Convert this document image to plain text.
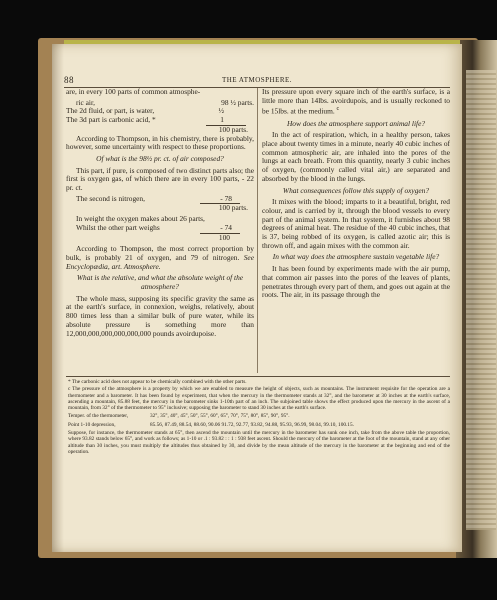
88	THE ATMOSPHERE.

are, in every 100 parts of common atmosphe-

ric air,	98 ½ parts.
The 2d fluid, or part, is water,	½
The 3d part is carbonic acid, *	1
100 parts.

According to Thompson, in his chemistry, there is probably, however, some uncertainty with respect to these proportions.

Of what is the 98½ pr. ct. of air composed?

This part, if pure, is composed of two distinct parts also; the first is oxygen gas, of which there are in every 100 parts, - 22 pr. ct.

The second is nitrogen,	- 78
100 parts.

In weight the oxygen makes about 26 parts,

Whilst the other part weighs	- 74
100

According to Thompson, the most correct proportion by bulk, is probably 21 of oxygen, and 79 of nitrogen. See Encyclopædia, art. Atmosphere.

What is the relative, and what the absolute weight of the atmosphere?

The whole mass, supposing its specific gravity the same as at the earth's surface, in connexion, weighs, relatively, about 800 times less than a similar bulk of pure water, while its absolute pressure is something more than 12,000,000,000,000,000,000 pounds avoirdupoise.

Its pressure upon every square inch of the earth's surface, is a little more than 14lbs. avoirdupois, and is usually reckoned to be 15lbs. at the medium. $^c$

How does the atmosphere support animal life?

In the act of respiration, which, in a healthy person, takes place about twenty times in a minute, nearly 40 cubic inches of common atmospheric air, are inhaled into the pores of the lungs at each breath. From this quantity, nearly 3 cubic inches of oxygen, (commonly called vital air,) are separated and absorbed by the blood in the lungs.

What consequences follow this supply of oxygen?

It mixes with the blood; imparts to it a beautiful, bright, red colour, and is carried by it, through the blood vessels to every part of the animal system. In that system, it furnishes about 98 degrees of animal heat. The residue of the 40 cubic inches, that is 37, being robbed of its oxygen, is called azotic air; this is thrown off, and again mixes with the common air.

In what way does the atmosphere sustain vegetable life?

It has been found by experiments made with the air pump, that common air passes into the pores of the leaves of plants, penetrates through every part of them, and goes out again at the roots. The air, in its passage through the

* The carbonic acid does not appear to be chemically combined with the other parts.

c The pressure of the atmosphere is a property by which we are enabled to measure the height of objects, such as mountains. The instrument requisite for the operation are a thermometer and a barometer. It has been found by experiment, that when the mercury in the thermometer stands at 32°, and the barometer at 30 inches at the earth's surface, ascending a mountain, 85.88 feet, the mercury in the barometer sinks 1-10th part of an inch. The subjoined table shows the effect produced upon the mercury in the ascent of a mountain, from 32° of the thermometer to 95° inclusive; supposing the barometer to stand 30 inches at the earth's surface.

Temper. of the thermometer,	32°, 35°, 40°, 45°, 50°, 55°, 60°, 65°, 70°, 75°, 80°, 85°, 90°, 95°.
Point 1-10 depression,	85.56, 87.49, 88.54, 88.60, 90.06 91.72, 92.77, 93.82, 94.88, 95.93, 96.99, 98.04, 99.10, 100.15.

Suppose, for instance, the thermometer stands at 65°, then ascend the mountain until the mercury in the barometer has sunk one inch, take from the above table the proportion, where 93.82 stands below 65°, and work as follows; as 1-10 or .1 : 93.82 : : 1 : 938 feet ascent. Should the mercury of the barometer at the foot of the mountain, stand at any other altitude than 30 inches, you must multiply the altitudes thus obtained by 30, and divide by the mean altitude of the mercury in the barometer at the beginning and end of the operation.
